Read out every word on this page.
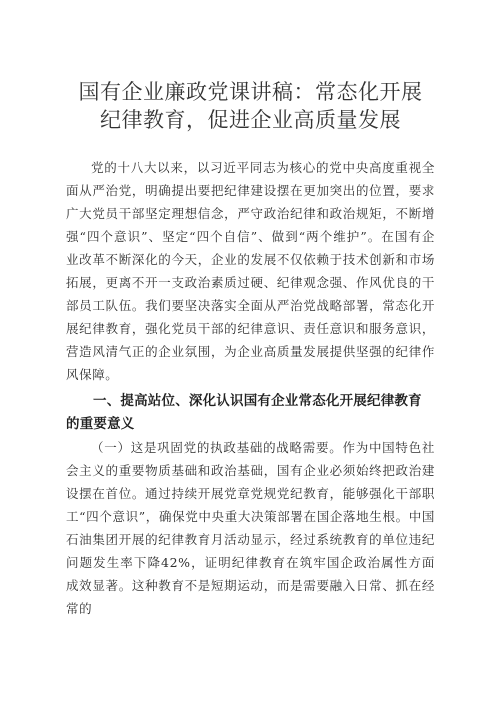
国有企业廉政党课讲稿：常态化开展
纪律教育，促进企业高质量发展

党的十八大以来，以习近平同志为核心的党中央高度重视全面从严治党，明确提出要把纪律建设摆在更加突出的位置，要求广大党员干部坚定理想信念，严守政治纪律和政治规矩，不断增强“四个意识”、坚定“四个自信”、做到“两个维护”。在国有企业改革不断深化的今天，企业的发展不仅依赖于技术创新和市场拓展，更离不开一支政治素质过硬、纪律观念强、作风优良的干部员工队伍。我们要坚决落实全面从严治党战略部署，常态化开展纪律教育，强化党员干部的纪律意识、责任意识和服务意识，营造风清气正的企业氛围，为企业高质量发展提供坚强的纪律作风保障。

一、提高站位、深化认识国有企业常态化开展纪律教育的重要意义

（一）这是巩固党的执政基础的战略需要。作为中国特色社会主义的重要物质基础和政治基础，国有企业必须始终把政治建设摆在首位。通过持续开展党章党规党纪教育，能够强化干部职工“四个意识”，确保党中央重大决策部署在国企落地生根。中国石油集团开展的纪律教育月活动显示，经过系统教育的单位违纪问题发生率下降42%，证明纪律教育在筑牢国企政治属性方面成效显著。这种教育不是短期运动，而是需要融入日常、抓在经常的
